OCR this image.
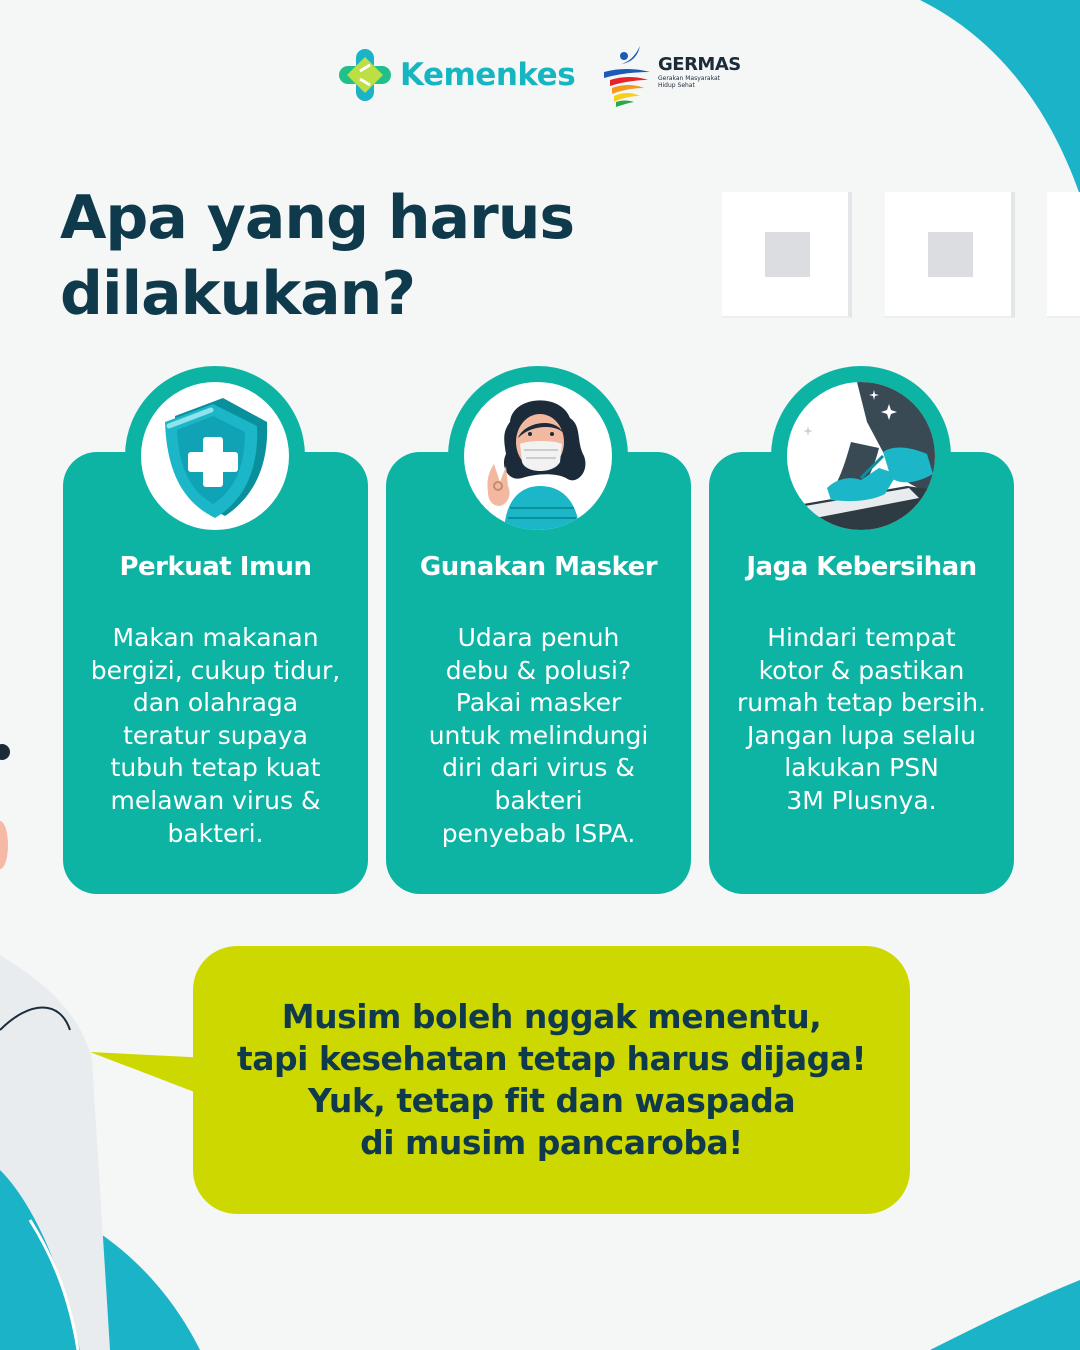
Kemenkes	GERMAS
Gerakan Masyarakat
Hidup Sehat
Apa yang harus
dilakukan?
Perkuat Imun
Makan makanan
bergizi, cukup tidur,
dan olahraga
teratur supaya
tubuh tetap kuat
melawan virus &
bakteri.
Gunakan Masker
Udara penuh
debu & polusi?
Pakai masker
untuk melindungi
diri dari virus &
bakteri
penyebab ISPA.
Jaga Kebersihan
Hindari tempat
kotor & pastikan
rumah tetap bersih.
Jangan lupa selalu
lakukan PSN
3M Plusnya.
Musim boleh nggak menentu,
tapi kesehatan tetap harus dijaga!
Yuk, tetap fit dan waspada
di musim pancaroba!
